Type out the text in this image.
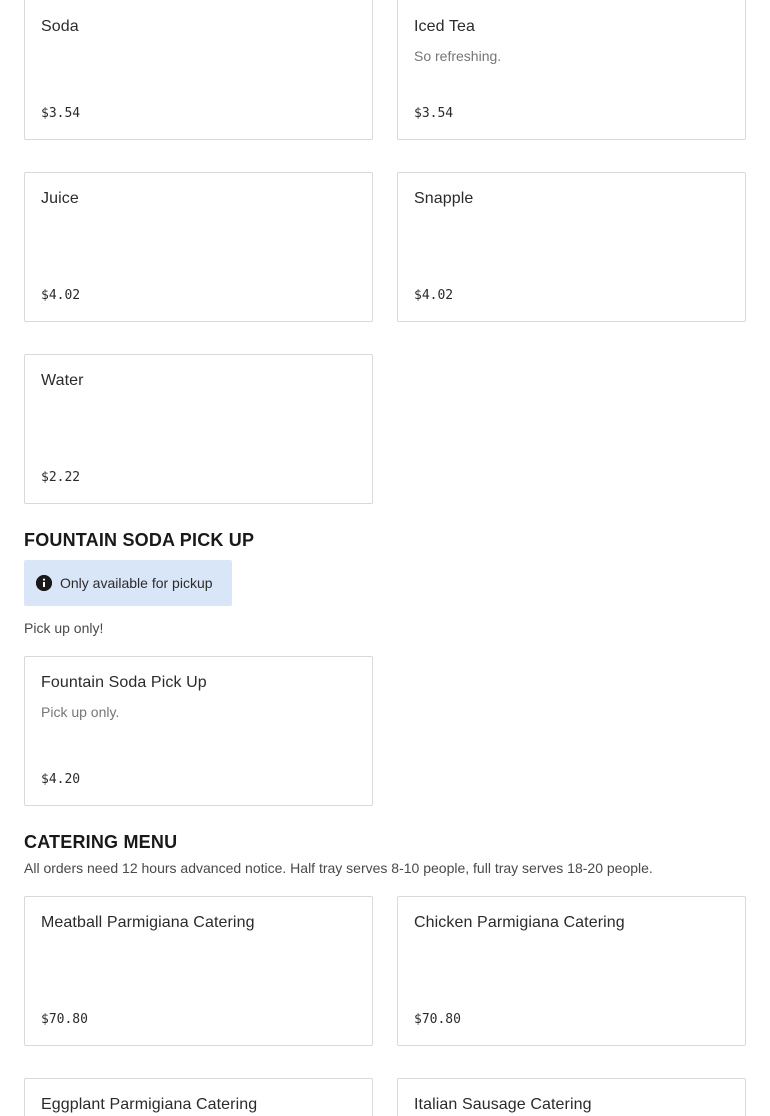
Soda
$3.54
Iced Tea
So refreshing.
$3.54
Juice
$4.02
Snapple
$4.02
Water
$2.22
FOUNTAIN SODA PICK UP
Only available for pickup
Pick up only!
Fountain Soda Pick Up
Pick up only.
$4.20
CATERING MENU
All orders need 12 hours advanced notice. Half tray serves 8-10 people, full tray serves 18-20 people.
Meatball Parmigiana Catering
$70.80
Chicken Parmigiana Catering
$70.80
Eggplant Parmigiana Catering	Italian Sausage Catering
